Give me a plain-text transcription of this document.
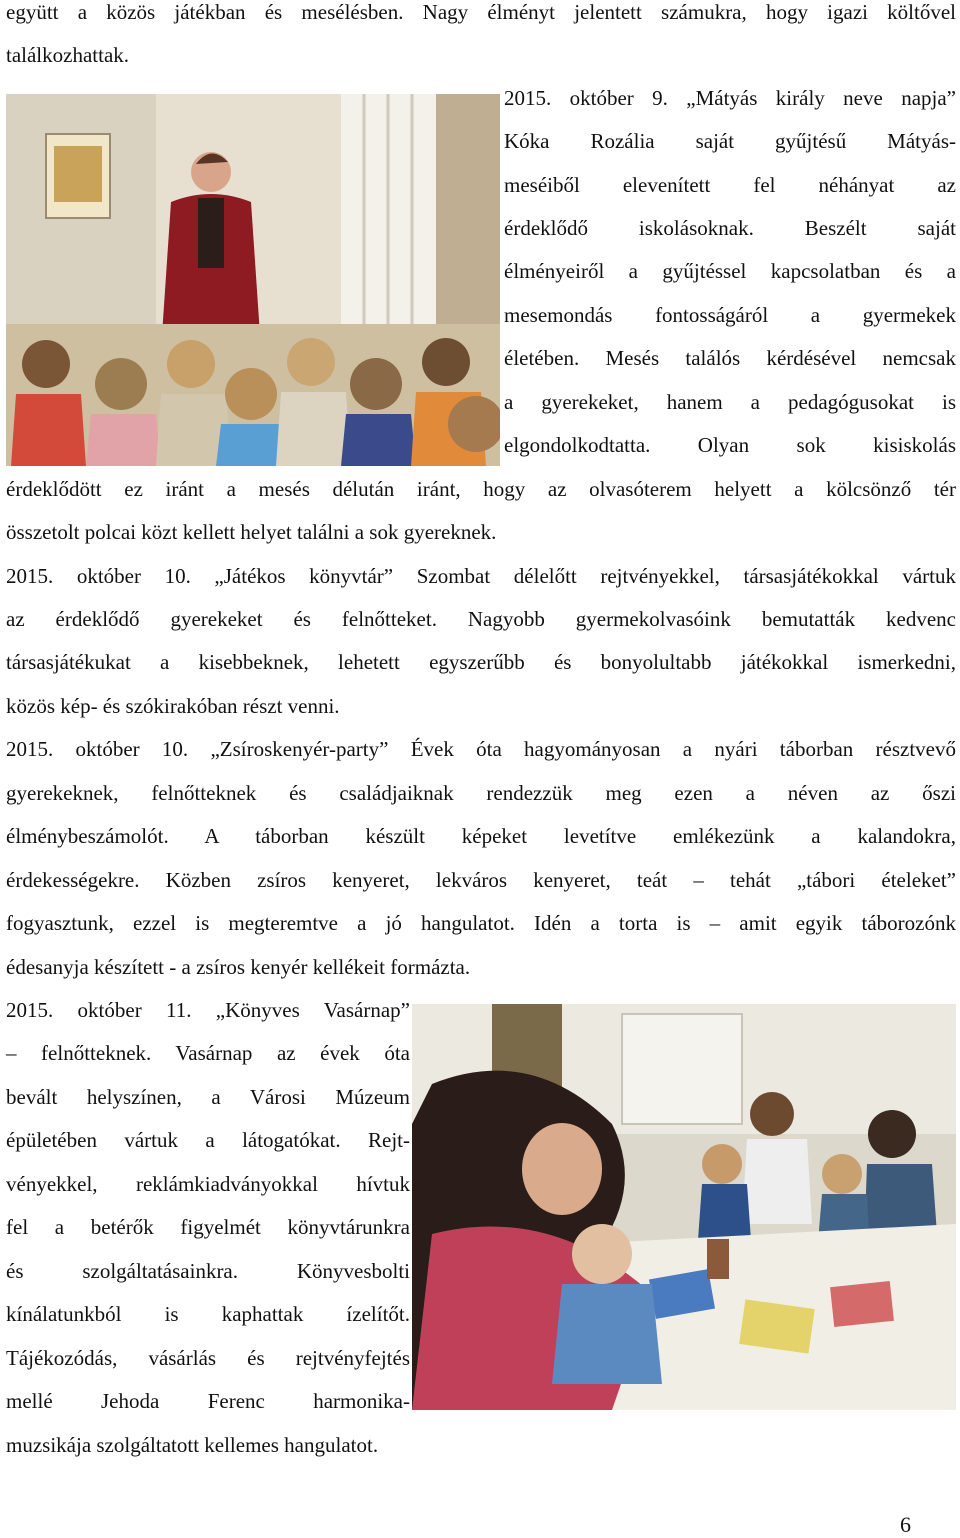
együtt a közös játékban és mesélésben. Nagy élményt jelentett számukra, hogy igazi költővel
találkozhattak.
2015. október 9. „Mátyás király neve napja”
Kóka Rozália saját gyűjtésű Mátyás-
meséiből elevenített fel néhányat az
érdeklődő iskolásoknak. Beszélt saját
élményeiről a gyűjtéssel kapcsolatban és a
mesemondás fontosságáról a gyermekek
életében. Mesés találós kérdésével nemcsak
a gyerekeket, hanem a pedagógusokat is
elgondolkodtatta. Olyan sok kisiskolás
érdeklődött ez iránt a mesés délután iránt, hogy az olvasóterem helyett a kölcsönző tér
összetolt polcai közt kellett helyet találni a sok gyereknek.
2015. október 10. „Játékos könyvtár” Szombat délelőtt rejtvényekkel, társasjátékokkal vártuk
az érdeklődő gyerekeket és felnőtteket. Nagyobb gyermekolvasóink bemutatták kedvenc
társasjátékukat a kisebbeknek, lehetett egyszerűbb és bonyolultabb játékokkal ismerkedni,
közös kép- és szókirakóban részt venni.
2015. október 10. „Zsíroskenyér-party” Évek óta hagyományosan a nyári táborban résztvevő
gyerekeknek, felnőtteknek és családjaiknak rendezzük meg ezen a néven az őszi
élménybeszámolót. A táborban készült képeket levetítve emlékezünk a kalandokra,
érdekességekre. Közben zsíros kenyeret, lekváros kenyeret, teát – tehát „tábori ételeket”
fogyasztunk, ezzel is megteremtve a jó hangulatot. Idén a torta is – amit egyik táborozónk
édesanyja készített - a zsíros kenyér kellékeit formázta.
2015. október 11. „Könyves Vasárnap”
– felnőtteknek. Vasárnap az évek óta
bevált helyszínen, a Városi Múzeum
épületében vártuk a látogatókat. Rejt-
vényekkel, reklámkiadványokkal hívtuk
fel a betérők figyelmét könyvtárunkra
és szolgáltatásainkra. Könyvesbolti
kínálatunkból is kaphattak ízelítőt.
Tájékozódás, vásárlás és rejtvényfejtés
mellé Jehoda Ferenc harmonika-
muzsikája szolgáltatott kellemes hangulatot.
6
